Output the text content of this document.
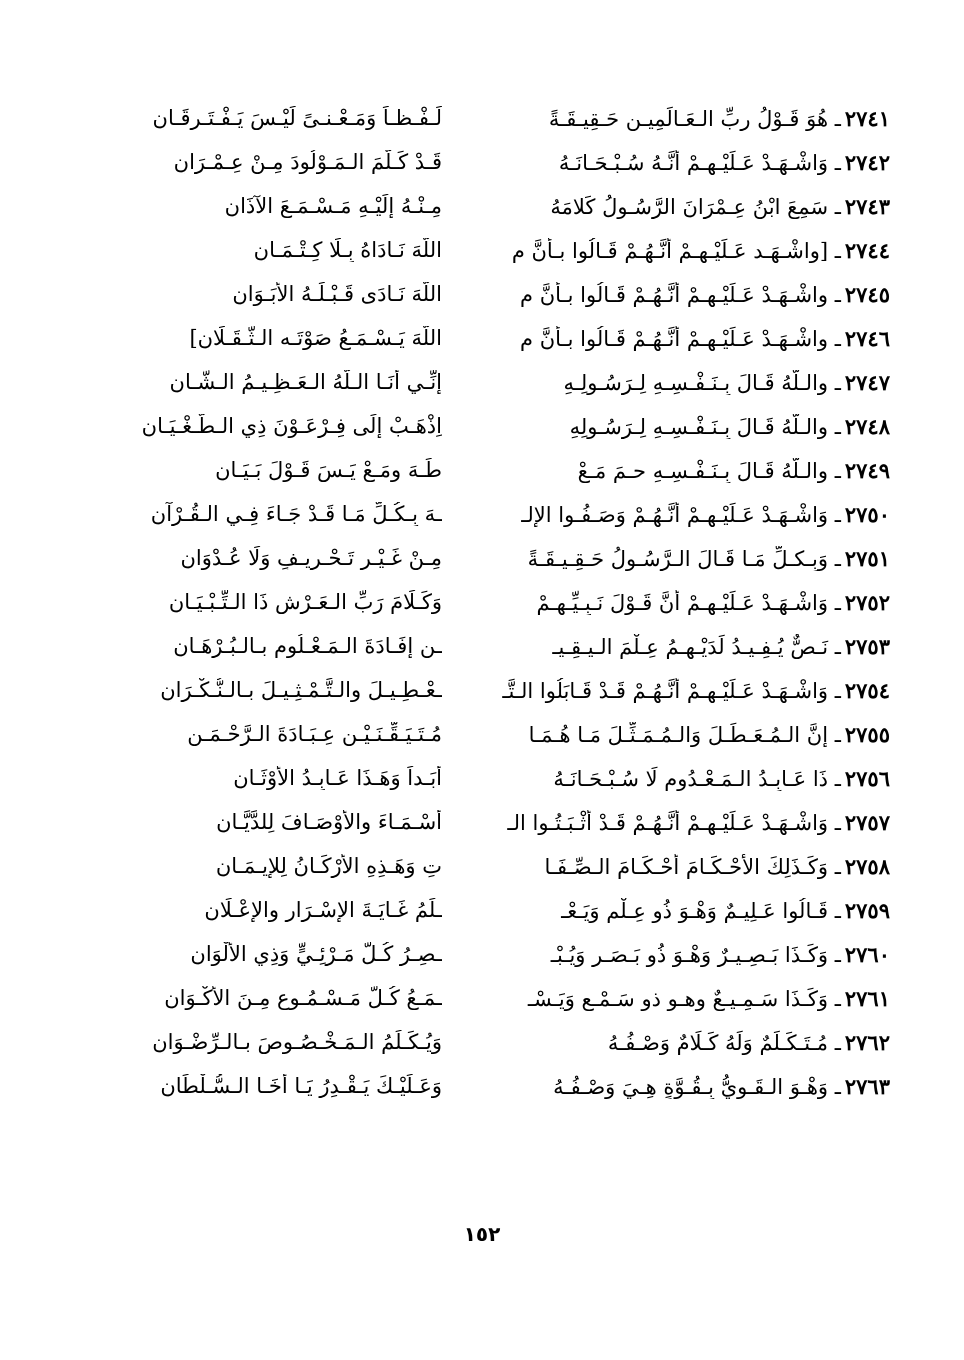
٢٧٤١ـ هُوَ قَـوْلُ ربِّ الـعَـالَمِيـن حَـقِيـقَـةً
لَـفْـظـاً وَمَـعْـنـىً لَيْـسَ يَـفْـتَـرِقَـانِ
٢٧٤٢ـ وَاشْـهَـدْ عَـلَيْـهِـمْ أنَّـهُ سُـبْـحَـانَـهُ
قَـدْ كَـلَّمَ الـمَـوْلُودَ مِـنْ عِـمْـرَانِ
٢٧٤٣ـ سَمِعَ ابْنُ عِـمْرَانَ الرَّسُـولُ كَلامَهُ
مِـنْـهُ إِلَيْـهِ مَـسْـمَـعَ الآذَانِ
٢٧٤٤ـ [واشْـهَـد عَـلَيْـهِـمْ أنَّـهُـمْ قَـالُوا بـأنَّ م
اللَّهَ نَـادَاهُ بِـلَا كِـتْـمَـانِ
٢٧٤٥ـ واشْـهَـدْ عَـلَيْـهِـمْ أنَّـهُـمْ قَـالُوا بـأنَّ م
اللَّهَ نَـادَى قَـبْـلَـهُ الأبَـوَانِ
٢٧٤٦ـ واشْـهَـدْ عَـلَيْـهِـمْ أنَّـهُـمْ قَـالُوا بـأنَّ م
اللَّهَ يَـسْـمَـعُ صَوْتَـه الـثَّـقَـلَانِ]
٢٧٤٧ـ والـلَّهُ قَـالَ بِـنَـفْـسِـهِ لِـرَسُـولِـهِ
إنِّـي أنَـا الـلَّهُ الـعَـظِـيـمُ الـشَّـانِ
٢٧٤٨ـ والـلَّهُ قَـالَ بِـنَـفْـسِـهِ لِـرَسُـولِهِ
اِذْهَـبْ إلَى فِـرْعَـوْنَ ذِي الـطُّـغْـيَـانِ
٢٧٤٩ـ والـلَّهُ قَـالَ بِـنَـفْـسِـهِ حـمَ مَـعْ
طَـهَ ومَـعْ يَـسَ قَـوْلَ بَـيَـانِ
٢٧٥٠ـ وَاشْـهَـدْ عَـلَيْـهِـمْ أنَّـهُـمْ وَصَـفُـوا الإلـ
ـهَ بِـكُـلِّ مَـا قَـدْ جَـاءَ فِـي الـقُـرْآنِ
٢٧٥١ـ وَبِـكـلِّ مَـا قَـالَ الـرَّسُـولُ حَـقِـيـقَـةً
مِـنْ غَـيْـرِ تَـحْـرِيـفٍ وَلَا عُـدْوَانِ
٢٧٥٢ـ وَاشْـهَـدْ عَـلَيْـهِـمْ أنَّ قَـوْلَ نَـبِـيِّـهِـمْ
وَكَـلَامَ رَبِّ الـعَـرْشِ ذَا الـتِّـبْـيَـانِ
٢٧٥٣ـ نَـصٌّ يُـفِـيـدُ لَدَيْـهِـمُ عِـلْمَ الـيـقِـيـ
ـنِ إفَـادَةَ الـمَـعْـلُومِ بـالـبُـرْهَـانِ
٢٧٥٤ـ وَاشْـهَـدْ عَـلَيْـهِـمْ أنَّـهُـمْ قَـدْ قَـابَلُوا الـتَّـ
ـعْـطِـيـلَ والـتَّـمْـثِـيـلَ بـالـنُّـكْـرَانِ
٢٧٥٥ـ إنَّ الـمُـعَـطِّـلَ وَالـمُـمَـثِّـلَ مَـا هُـمَـا
مُـتَـيَـقِّـنَـيْـنِ عِـبَـادَةَ الـرَّحْـمَـنِ
٢٧٥٦ـ ذَا عَـابِـدُ الـمَـعْـدُومِ لَا سُـبْـحَـانَـهُ
أبَـداً وَهَـذَا عَـابِـدُ الأوْثَـانِ
٢٧٥٧ـ وَاشْـهَـدْ عَـلَيْـهِـمْ أنَّـهُـمْ قَـدْ أثْـبَـتُـوا الـ
أسْـمَـاءَ والأوْصَـافَ لِلدَّيَّـانِ
٢٧٥٨ـ وَكَـذَلِكَ الأحْـكَـامَ أحْـكَـامَ الـصِّـفَـا
تِ وَهَـذِهِ الأرْكَـانُ لِلإيـمَـانِ
٢٧٥٩ـ قَـالُوا عَـلِيـمٌ وَهْـوَ ذُو عِـلْمٍ وَيَـعْـ
ـلَمُ غَـايَـةَ الإسْـرَارِ والإعْـلَانِ
٢٧٦٠ـ وَكَـذَا بَـصِـيـرٌ وَهْـوَ ذُو بَـصَـرٍ وَيُـبْـ
ـصِـرُ كُـلَّ مَـرْئِـيٍّ وَذِي الألْوَانِ
٢٧٦١ـ وَكَـذَا سَـمِـيـعٌ وهـو ذو سَـمْـعٍ وَيَـسْـ
ـمَـعُ كُـلَّ مَـسْـمُـوعٍ مِـنَ الأكْـوَانِ
٢٧٦٢ـ مُـتَـكَـلِّمٌ وَلَهُ كَـلَامٌ وَصْـفُـهُ
وَيُـكَـلِّمُ الـمَـخْـصُـوصَ بـالـرِّضْـوَانِ
٢٧٦٣ـ وَهْـوَ الـقَـوِيُّ بِـقُـوَّةٍ هِـيَ وَصْـفُـهُ
وَعَـلَيْـكَ يَـقْـدِرُ يَـا أخَـا الـسُّـلْطَانِ
١٥٢
